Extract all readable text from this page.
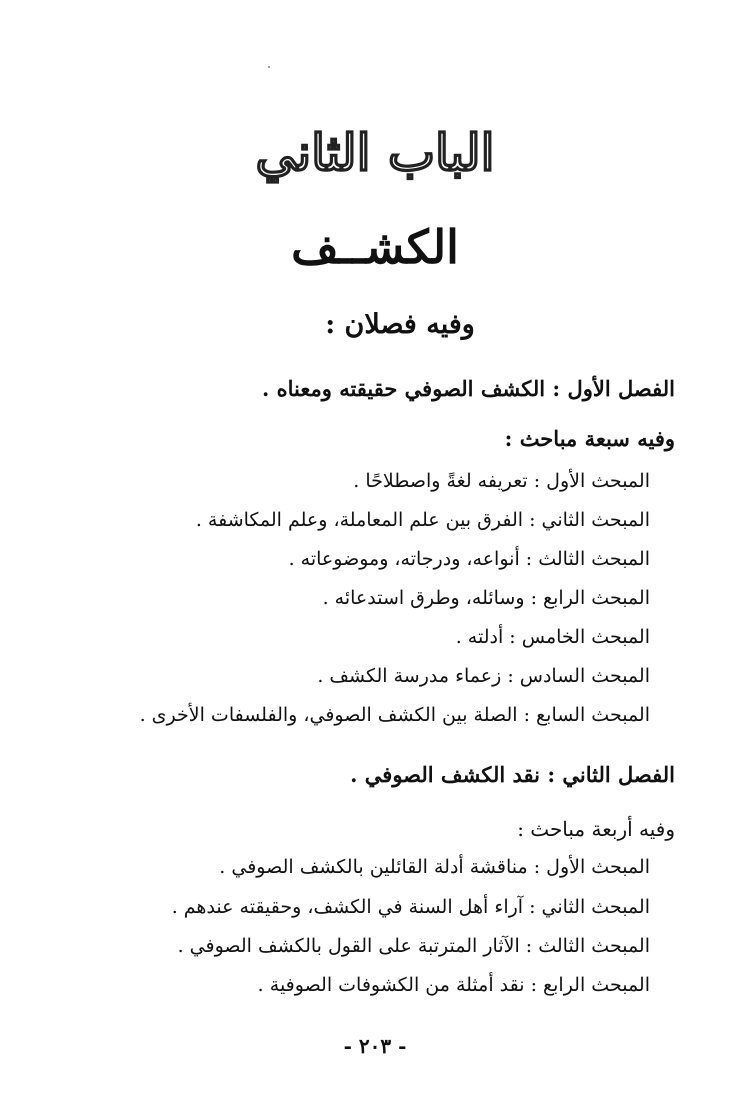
الباب الثاني
الكشــف
وفيه فصلان :
الفصل الأول : الكشف الصوفي حقيقته ومعناه .
وفيه سبعة مباحث :
المبحث الأول : تعريفه لغةً واصطلاحًا .
المبحث الثاني : الفرق بين علم المعاملة، وعلم المكاشفة .
المبحث الثالث : أنواعه، ودرجاته، وموضوعاته .
المبحث الرابع : وسائله، وطرق استدعائه .
المبحث الخامس : أدلته .
المبحث السادس : زعماء مدرسة الكشف .
المبحث السابع : الصلة بين الكشف الصوفي، والفلسفات الأخرى .
الفصل الثاني : نقد الكشف الصوفي .
وفيه أربعة مباحث :
المبحث الأول : مناقشة أدلة القائلين بالكشف الصوفي .
المبحث الثاني : آراء أهل السنة في الكشف، وحقيقته عندهم .
المبحث الثالث : الآثار المترتبة على القول بالكشف الصوفي .
المبحث الرابع : نقد أمثلة من الكشوفات الصوفية .
- ٢٠٣ -
